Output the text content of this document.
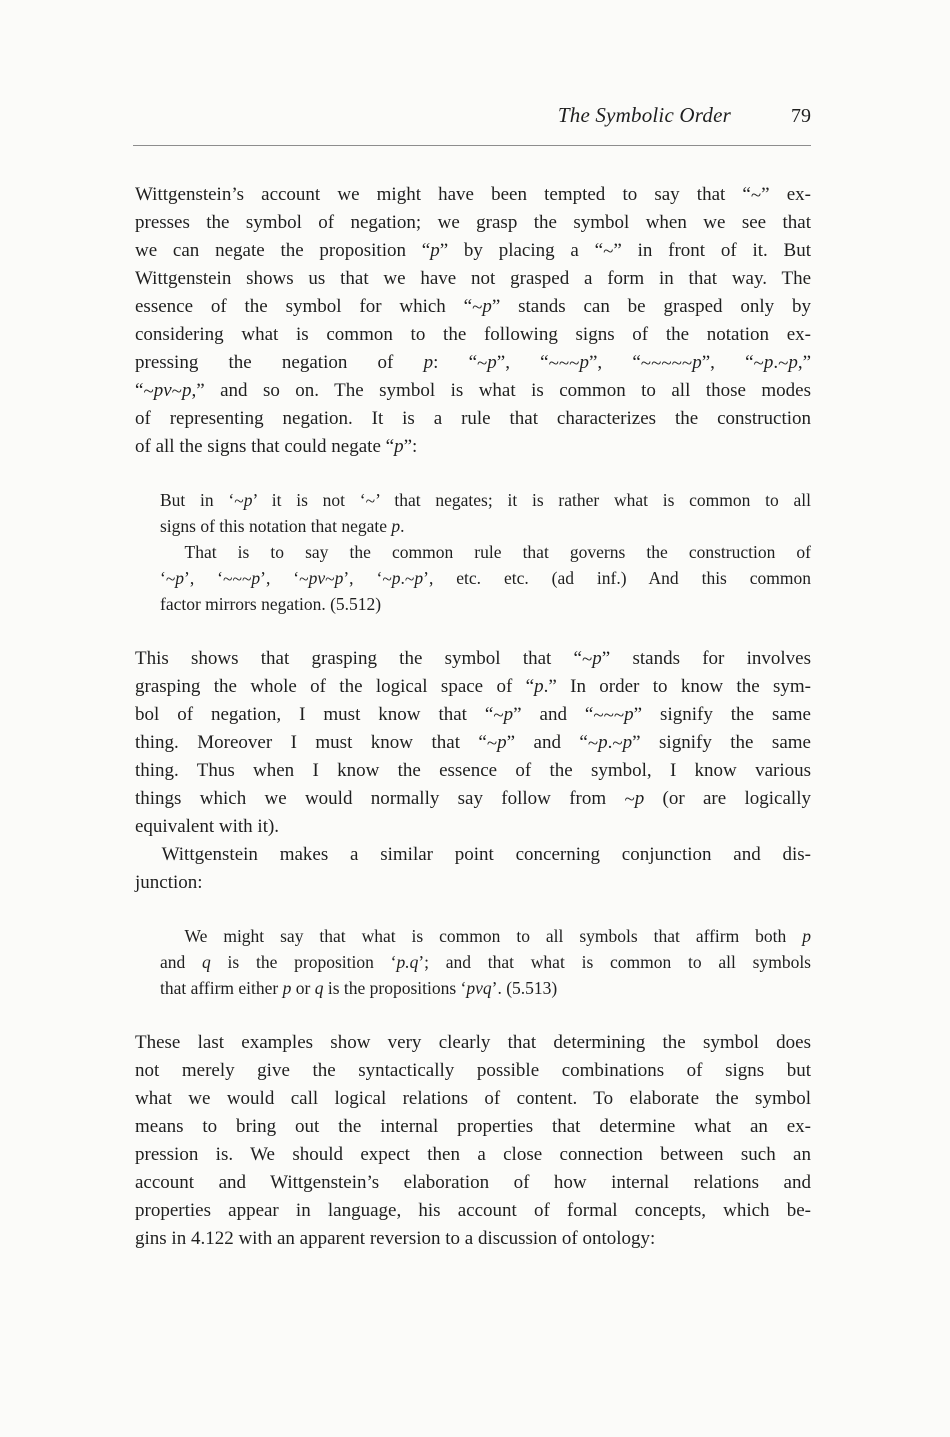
The Symbolic Order	79
Wittgenstein’s account we might have been tempted to say that “~” ex-
presses the symbol of negation; we grasp the symbol when we see that
we can negate the proposition “p” by placing a “~” in front of it. But
Wittgenstein shows us that we have not grasped a form in that way. The
essence of the symbol for which “~p” stands can be grasped only by
considering what is common to the following signs of the notation ex-
pressing the negation of p: “~p”, “~~~p”, “~~~~~p”, “~p.~p,”
“~pv~p,” and so on. The symbol is what is common to all those modes
of representing negation. It is a rule that characterizes the construction
of all the signs that could negate “p”:
But in ‘~p’ it is not ‘~’ that negates; it is rather what is common to all
signs of this notation that negate p.
That is to say the common rule that governs the construction of
‘~p’, ‘~~~p’, ‘~pv~p’, ‘~p.~p’, etc. etc. (ad inf.) And this common
factor mirrors negation. (5.512)
This shows that grasping the symbol that “~p” stands for involves
grasping the whole of the logical space of “p.” In order to know the sym-
bol of negation, I must know that “~p” and “~~~p” signify the same
thing. Moreover I must know that “~p” and “~p.~p” signify the same
thing. Thus when I know the essence of the symbol, I know various
things which we would normally say follow from ~p (or are logically
equivalent with it).
Wittgenstein makes a similar point concerning conjunction and dis-
junction:
We might say that what is common to all symbols that affirm both p
and q is the proposition ‘p.q’; and that what is common to all symbols
that affirm either p or q is the propositions ‘pvq’. (5.513)
These last examples show very clearly that determining the symbol does
not merely give the syntactically possible combinations of signs but
what we would call logical relations of content. To elaborate the symbol
means to bring out the internal properties that determine what an ex-
pression is. We should expect then a close connection between such an
account and Wittgenstein’s elaboration of how internal relations and
properties appear in language, his account of formal concepts, which be-
gins in 4.122 with an apparent reversion to a discussion of ontology:
